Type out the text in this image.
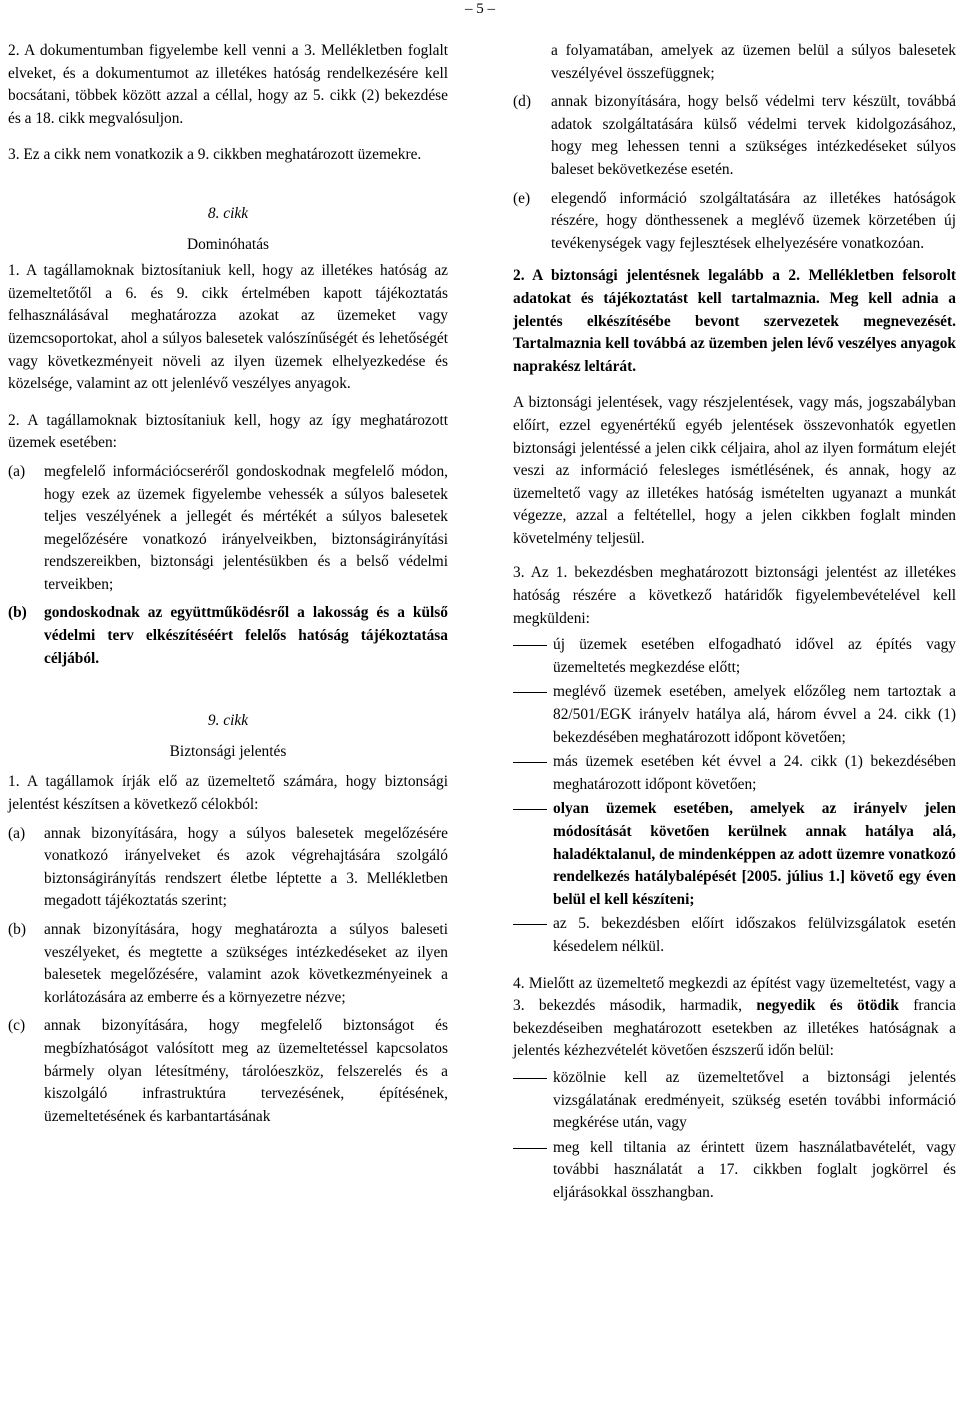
– 5 –

2. A dokumentumban figyelembe kell venni a 3. Mellékletben foglalt elveket, és a dokumentumot az illetékes hatóság rendelkezésére kell bocsátani, többek között azzal a céllal, hogy az 5. cikk (2) bekezdése és a 18. cikk megvalósuljon.

3. Ez a cikk nem vonatkozik a 9. cikkben meghatározott üzemekre.

8. cikk
Dominóhatás

1. A tagállamoknak biztosítaniuk kell, hogy az illetékes hatóság az üzemeltetőtől a 6. és 9. cikk értelmében kapott tájékoztatás felhasználásával meghatározza azokat az üzemeket vagy üzemcsoportokat, ahol a súlyos balesetek valószínűségét és lehetőségét vagy következményeit növeli az ilyen üzemek elhelyezkedése és közelsége, valamint az ott jelenlévő veszélyes anyagok.

2. A tagállamoknak biztosítaniuk kell, hogy az így meghatározott üzemek esetében:

(a)	megfelelő információcseréről gondoskodnak megfelelő módon, hogy ezek az üzemek figyelembe vehessék a súlyos balesetek teljes veszélyének a jellegét és mértékét a súlyos balesetek megelőzésére vonatkozó irányelveikben, biztonságirányítási rendszereikben, biztonsági jelentésükben és a belső védelmi terveikben;
(b)	gondoskodnak az együttműködésről a lakosság és a külső védelmi terv elkészítéséért felelős hatóság tájékoztatása céljából.
9. cikk
Biztonsági jelentés

1. A tagállamok írják elő az üzemeltető számára, hogy biztonsági jelentést készítsen a következő célokból:

(a)	annak bizonyítására, hogy a súlyos balesetek megelőzésére vonatkozó irányelveket és azok végrehajtására szolgáló biztonságirányítás rendszert életbe léptette a 3. Mellékletben megadott tájékoztatás szerint;
(b)	annak bizonyítására, hogy meghatározta a súlyos baleseti veszélyeket, és megtette a szükséges intézkedéseket az ilyen balesetek megelőzésére, valamint azok következményeinek a korlátozására az emberre és a környezetre nézve;
(c)	annak bizonyítására, hogy megfelelő biztonságot és megbízhatóságot valósított meg az üzemeltetéssel kapcsolatos bármely olyan létesítmény, tárolóeszköz, felszerelés és a kiszolgáló infrastruktúra tervezésének, építésének, üzemeltetésének és karbantartásának

a folyamatában, amelyek az üzemen belül a súlyos balesetek veszélyével összefüggnek;

(d)	annak bizonyítására, hogy belső védelmi terv készült, továbbá adatok szolgáltatására külső védelmi tervek kidolgozásához, hogy meg lehessen tenni a szükséges intézkedéseket súlyos baleset bekövetkezése esetén.
(e)	elegendő információ szolgáltatására az illetékes hatóságok részére, hogy dönthessenek a meglévő üzemek körzetében új tevékenységek vagy fejlesztések elhelyezésére vonatkozóan.

2. A biztonsági jelentésnek legalább a 2. Mellékletben felsorolt adatokat és tájékoztatást kell tartalmaznia. Meg kell adnia a jelentés elkészítésébe bevont szervezetek megnevezését. Tartalmaznia kell továbbá az üzemben jelen lévő veszélyes anyagok naprakész leltárát.

A biztonsági jelentések, vagy részjelentések, vagy más, jogszabályban előírt, ezzel egyenértékű egyéb jelentések összevonhatók egyetlen biztonsági jelentéssé a jelen cikk céljaira, ahol az ilyen formátum elejét veszi az információ felesleges ismétlésének, és annak, hogy az üzemeltető vagy az illetékes hatóság ismételten ugyanazt a munkát végezze, azzal a feltétellel, hogy a jelen cikkben foglalt minden követelmény teljesül.

3. Az 1. bekezdésben meghatározott biztonsági jelentést az illetékes hatóság részére a következő határidők figyelembevételével kell megküldeni:

új üzemek esetében elfogadható idővel az építés vagy üzemeltetés megkezdése előtt;
meglévő üzemek esetében, amelyek előzőleg nem tartoztak a 82/501/EGK irányelv hatálya alá, három évvel a 24. cikk (1) bekezdésében meghatározott időpont követően;
más üzemek esetében két évvel a 24. cikk (1) bekezdésében meghatározott időpont követően;
olyan üzemek esetében, amelyek az irányelv jelen módosítását követően kerülnek annak hatálya alá, haladéktalanul, de mindenképpen az adott üzemre vonatkozó rendelkezés hatálybalépését [2005. július 1.] követő egy éven belül el kell készíteni;
az 5. bekezdésben előírt időszakos felülvizsgálatok esetén késedelem nélkül.

4. Mielőtt az üzemeltető megkezdi az építést vagy üzemeltetést, vagy a 3. bekezdés második, harmadik, negyedik és ötödik francia bekezdéseiben meghatározott esetekben az illetékes hatóságnak a jelentés kézhezvételét követően észszerű időn belül:

közölnie kell az üzemeltetővel a biztonsági jelentés vizsgálatának eredményeit, szükség esetén további információ megkérése után, vagy
meg kell tiltania az érintett üzem használatbavételét, vagy további használatát a 17. cikkben foglalt jogkörrel és eljárásokkal összhangban.
